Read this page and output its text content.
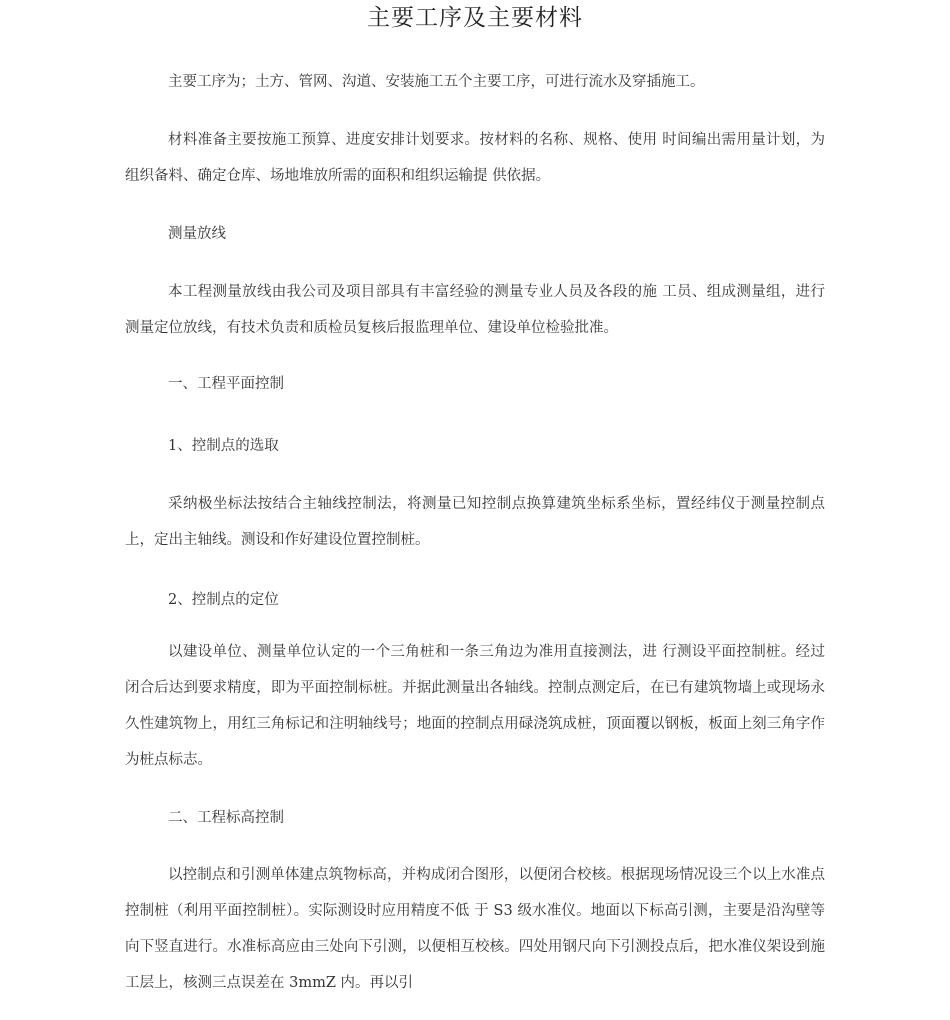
主要工序及主要材料

主要工序为；土方、管网、沟道、安装施工五个主要工序，可进行流水及穿插施工。

材料准备主要按施工预算、进度安排计划要求。按材料的名称、规格、使用 时间编出需用量计划，为组织备料、确定仓库、场地堆放所需的面积和组织运输提 供依据。

测量放线

本工程测量放线由我公司及项目部具有丰富经验的测量专业人员及各段的施 工员、组成测量组，进行测量定位放线，有技术负责和质检员复核后报监理单位、建设单位检验批准。

一、工程平面控制

1、控制点的选取

采纳极坐标法按结合主轴线控制法，将测量已知控制点换算建筑坐标系坐标，置经纬仪于测量控制点上，定出主轴线。测设和作好建设位置控制桩。

2、控制点的定位

以建设单位、测量单位认定的一个三角桩和一条三角边为准用直接测法，进 行测设平面控制桩。经过闭合后达到要求精度，即为平面控制标桩。并据此测量出各轴线。控制点测定后，在已有建筑物墙上或现场永久性建筑物上，用红三角标记和注明轴线号；地面的控制点用碌浇筑成桩，顶面覆以钢板，板面上刻三角字作为桩点标志。

二、工程标高控制

以控制点和引测单体建点筑物标高，并构成闭合图形，以便闭合校核。根据现场情况设三个以上水准点控制桩（利用平面控制桩）。实际测设时应用精度不低 于 S3 级水准仪。地面以下标高引测，主要是沿沟壁等向下竖直进行。水准标高应由三处向下引测，以便相互校核。四处用钢尺向下引测投点后，把水准仪架设到施工层上，核测三点误差在 3mmZ 内。再以引
